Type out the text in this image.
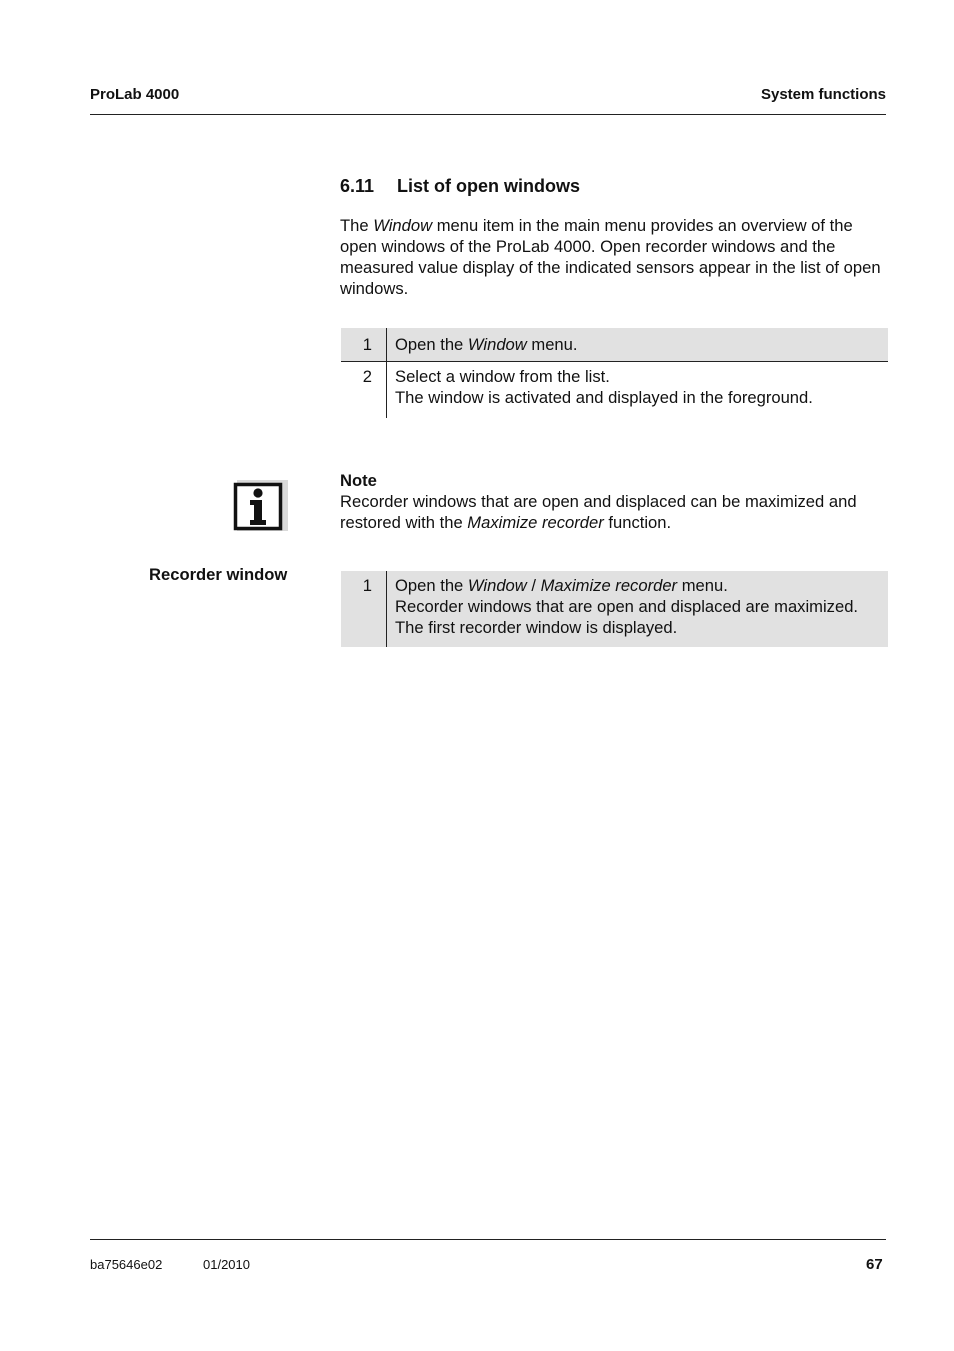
ProLab 4000	System functions
6.11 List of open windows
The Window menu item in the main menu provides an overview of the open windows of the ProLab 4000. Open recorder windows and the measured value display of the indicated sensors appear in the list of open windows.
1	Open the Window menu.
2	Select a window from the list.
The window is activated and displayed in the foreground.
Note
Recorder windows that are open and displaced can be maximized and restored with the Maximize recorder function.
Recorder window
1	Open the Window / Maximize recorder menu.
Recorder windows that are open and displaced are maximized.
The first recorder window is displayed.
ba75646e02	01/2010	67
